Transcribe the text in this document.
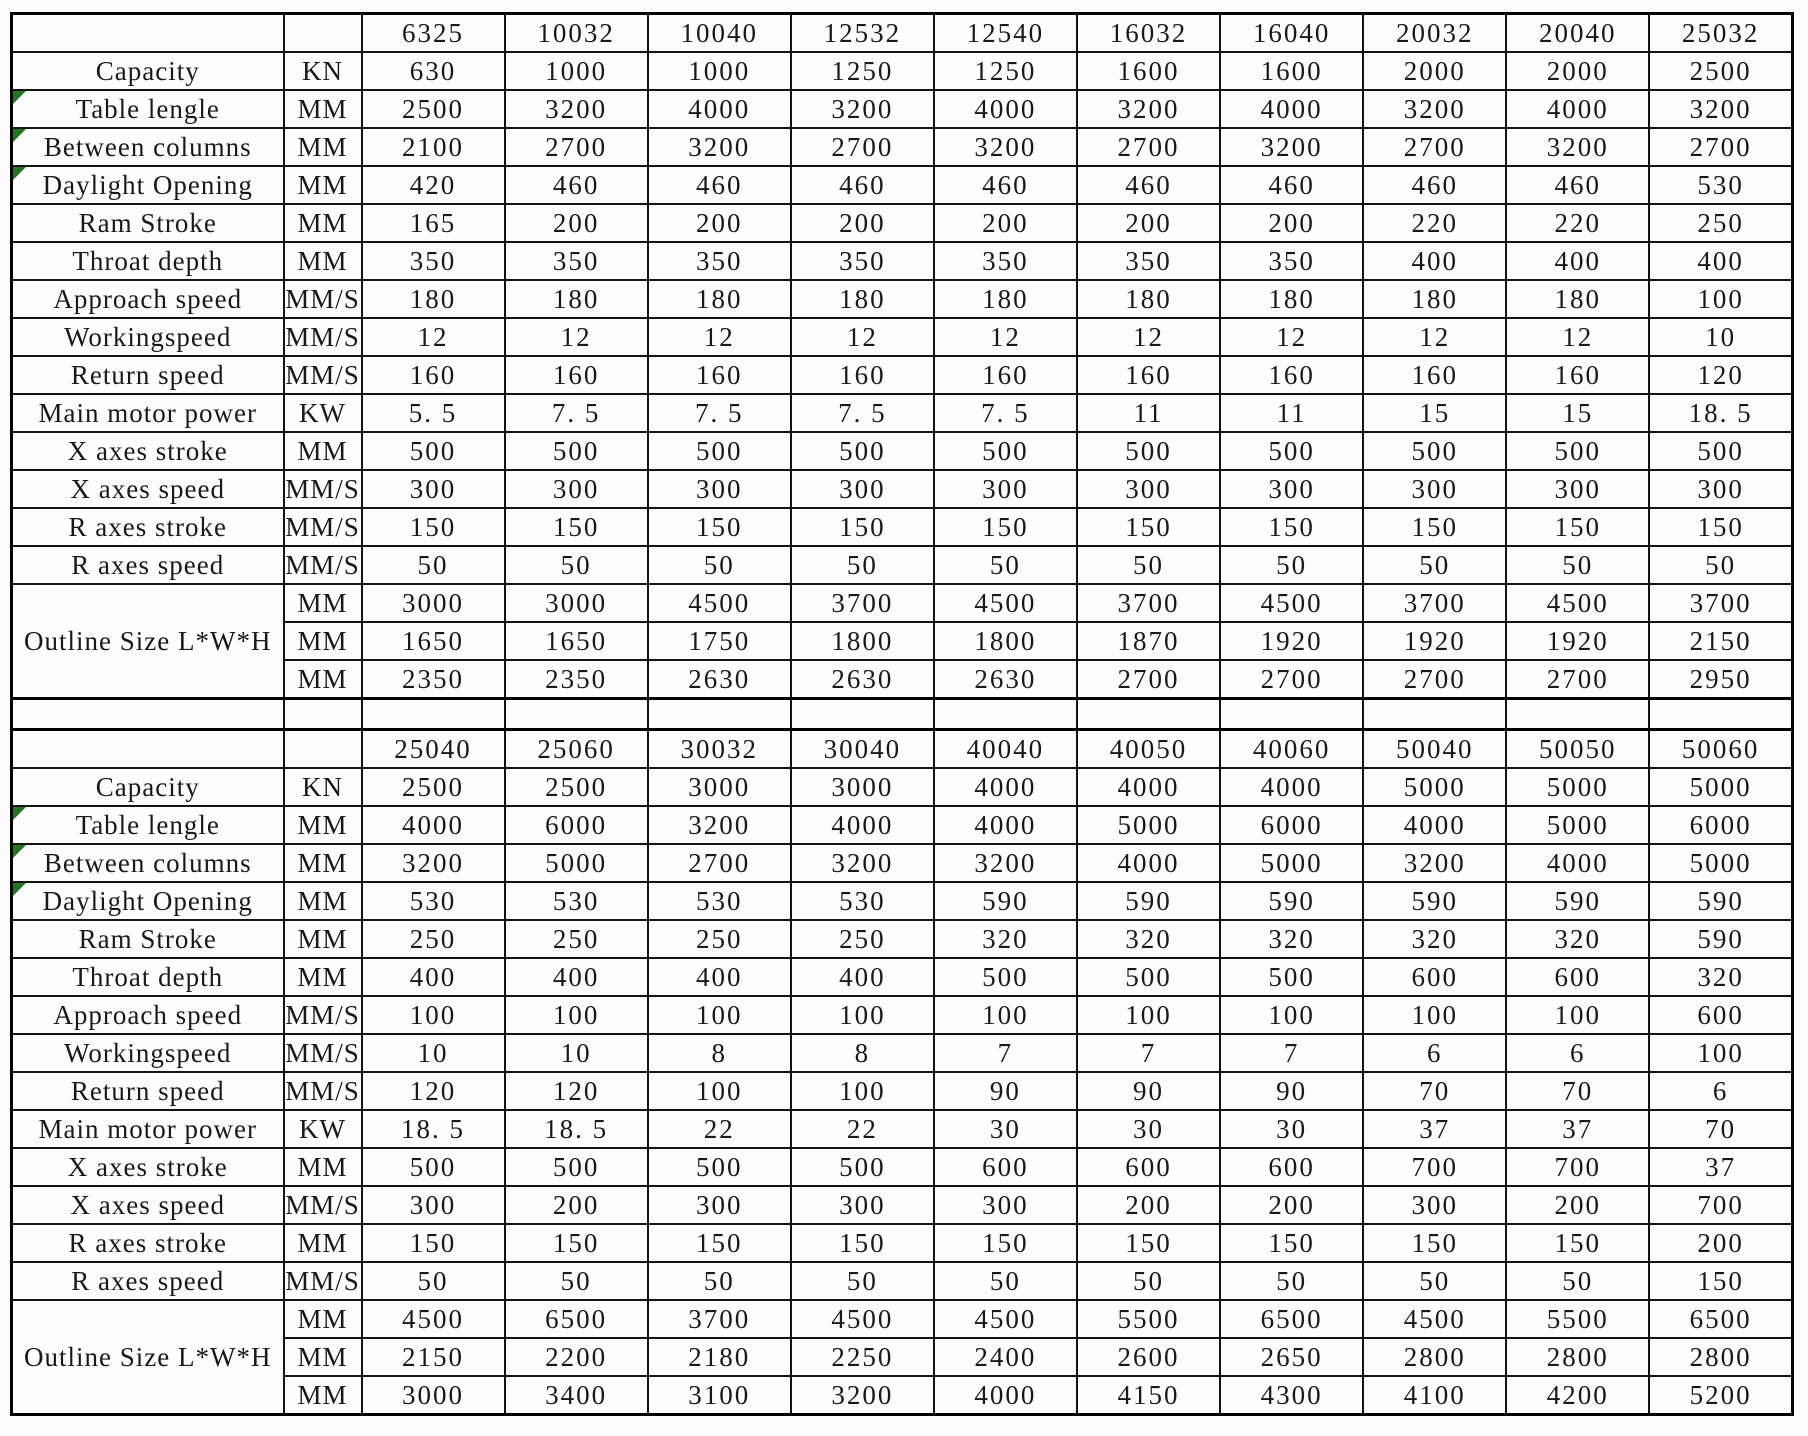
		6325	10032	10040	12532	12540	16032	16040	20032	20040	25032
Capacity	KN	630	1000	1000	1250	1250	1600	1600	2000	2000	2500

Table lengle	MM	2500	3200	4000	3200	4000	3200	4000	3200	4000	3200

Between columns	MM	2100	2700	3200	2700	3200	2700	3200	2700	3200	2700

Daylight Opening	MM	420	460	460	460	460	460	460	460	460	530
Ram Stroke	MM	165	200	200	200	200	200	200	220	220	250
Throat depth	MM	350	350	350	350	350	350	350	400	400	400
Approach speed	MM/S	180	180	180	180	180	180	180	180	180	100
Workingspeed	MM/S	12	12	12	12	12	12	12	12	12	10
Return speed	MM/S	160	160	160	160	160	160	160	160	160	120
Main motor power	KW	5. 5	7. 5	7. 5	7. 5	7. 5	11	11	15	15	18. 5
X axes stroke	MM	500	500	500	500	500	500	500	500	500	500
X axes speed	MM/S	300	300	300	300	300	300	300	300	300	300
R axes stroke	MM/S	150	150	150	150	150	150	150	150	150	150
R axes speed	MM/S	50	50	50	50	50	50	50	50	50	50
Outline Size L*W*H	MM	3000	3000	4500	3700	4500	3700	4500	3700	4500	3700
	MM	1650	1650	1750	1800	1800	1870	1920	1920	1920	2150
	MM	2350	2350	2630	2630	2630	2700	2700	2700	2700	2950

		25040	25060	30032	30040	40040	40050	40060	50040	50050	50060
Capacity	KN	2500	2500	3000	3000	4000	4000	4000	5000	5000	5000

Table lengle	MM	4000	6000	3200	4000	4000	5000	6000	4000	5000	6000

Between columns	MM	3200	5000	2700	3200	3200	4000	5000	3200	4000	5000

Daylight Opening	MM	530	530	530	530	590	590	590	590	590	590
Ram Stroke	MM	250	250	250	250	320	320	320	320	320	590
Throat depth	MM	400	400	400	400	500	500	500	600	600	320
Approach speed	MM/S	100	100	100	100	100	100	100	100	100	600
Workingspeed	MM/S	10	10	8	8	7	7	7	6	6	100
Return speed	MM/S	120	120	100	100	90	90	90	70	70	6
Main motor power	KW	18. 5	18. 5	22	22	30	30	30	37	37	70
X axes stroke	MM	500	500	500	500	600	600	600	700	700	37
X axes speed	MM/S	300	200	300	300	300	200	200	300	200	700
R axes stroke	MM	150	150	150	150	150	150	150	150	150	200
R axes speed	MM/S	50	50	50	50	50	50	50	50	50	150
Outline Size L*W*H	MM	4500	6500	3700	4500	4500	5500	6500	4500	5500	6500
	MM	2150	2200	2180	2250	2400	2600	2650	2800	2800	2800
	MM	3000	3400	3100	3200	4000	4150	4300	4100	4200	5200
